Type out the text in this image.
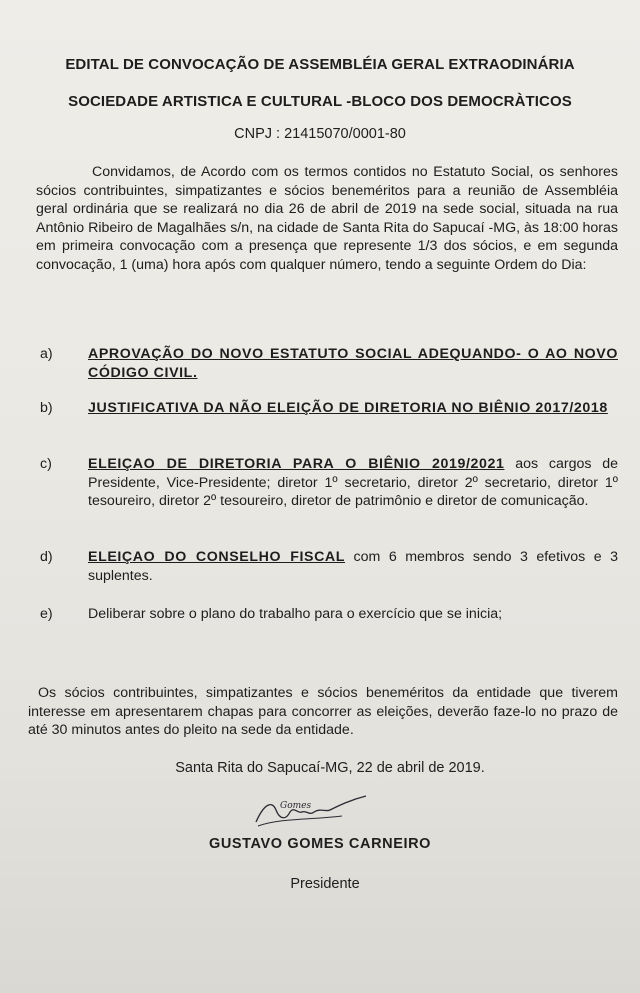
EDITAL DE CONVOCAÇÃO DE ASSEMBLÉIA GERAL EXTRAODINÁRIA
SOCIEDADE ARTISTICA E CULTURAL -BLOCO DOS DEMOCRÀTICOS
CNPJ : 21415070/0001-80
Convidamos, de Acordo com os termos contidos no Estatuto Social, os senhores sócios contribuintes, simpatizantes e sócios beneméritos para a reunião de Assembléia geral ordinária que se realizará no dia 26 de abril de 2019 na sede social, situada na rua Antônio Ribeiro de Magalhães s/n, na cidade de Santa Rita do Sapucaí -MG, às 18:00 horas em primeira convocação com a presença que represente 1/3 dos sócios, e em segunda convocação, 1 (uma) hora após com qualquer número, tendo a seguinte Ordem do Dia:
a)	APROVAÇÃO DO NOVO ESTATUTO SOCIAL ADEQUANDO- O AO NOVO CÓDIGO CIVIL.
b)	JUSTIFICATIVA DA NÃO ELEIÇÃO DE DIRETORIA NO BIÊNIO 2017/2018
c)	ELEIÇAO DE DIRETORIA PARA O BIÊNIO 2019/2021 aos cargos de Presidente, Vice-Presidente; diretor 1º secretario, diretor 2º secretario, diretor 1º tesoureiro, diretor 2º tesoureiro, diretor de patrimônio e diretor de comunicação.
d)	ELEIÇAO DO CONSELHO FISCAL com 6 membros sendo 3 efetivos e 3 suplentes.
e)	Deliberar sobre o plano do trabalho para o exercício que se inicia;
Os sócios contribuintes, simpatizantes e sócios beneméritos da entidade que tiverem interesse em apresentarem chapas para concorrer as eleições, deverão faze-lo no prazo de até 30 minutos antes do pleito na sede da entidade.
Santa Rita do Sapucaí-MG, 22 de abril de 2019.
Gomes
GUSTAVO GOMES CARNEIRO
Presidente
